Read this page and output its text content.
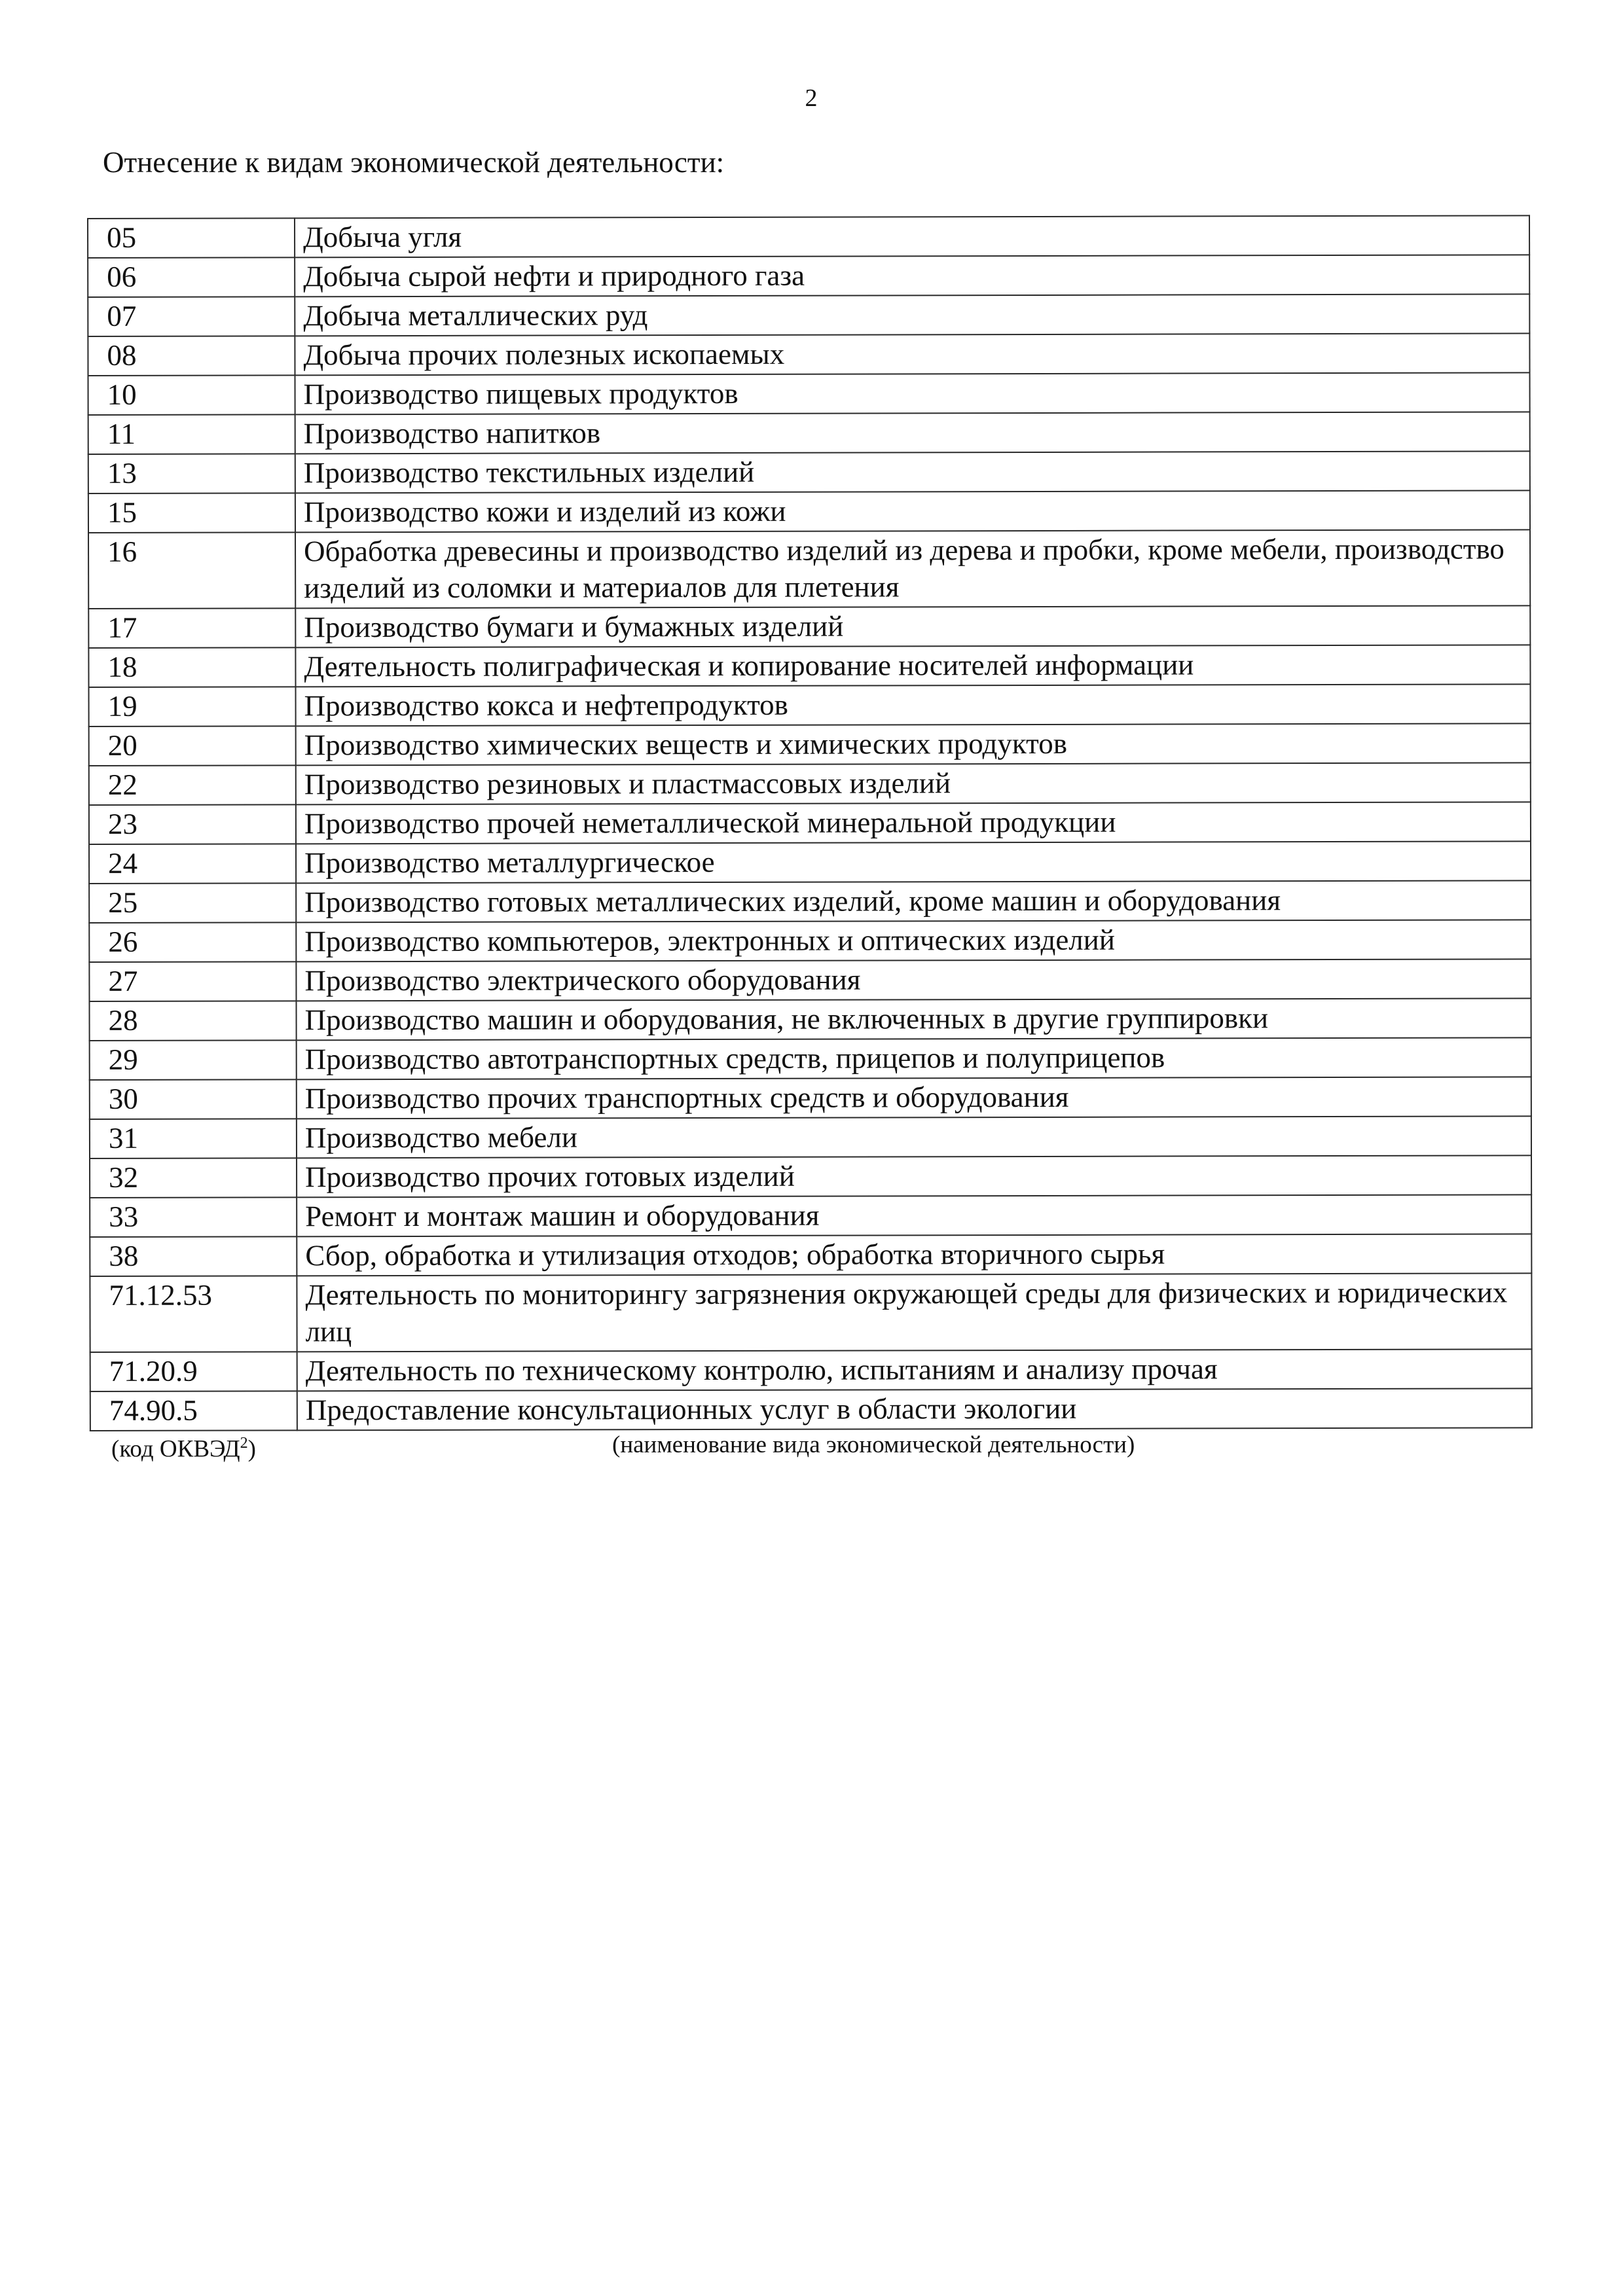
2
Отнесение к видам экономической деятельности:
05	Добыча угля
06	Добыча сырой нефти и природного газа
07	Добыча металлических руд
08	Добыча прочих полезных ископаемых
10	Производство пищевых продуктов
11	Производство напитков
13	Производство текстильных изделий
15	Производство кожи и изделий из кожи
16	Обработка древесины и производство изделий из дерева и пробки, кроме мебели, производство изделий из соломки и материалов для плетения
17	Производство бумаги и бумажных изделий
18	Деятельность полиграфическая и копирование носителей информации
19	Производство кокса и нефтепродуктов
20	Производство химических веществ и химических продуктов
22	Производство резиновых и пластмассовых изделий
23	Производство прочей неметаллической минеральной продукции
24	Производство металлургическое
25	Производство готовых металлических изделий, кроме машин и оборудования
26	Производство компьютеров, электронных и оптических изделий
27	Производство электрического оборудования
28	Производство машин и оборудования, не включенных в другие группировки
29	Производство автотранспортных средств, прицепов и полуприцепов
30	Производство прочих транспортных средств и оборудования
31	Производство мебели
32	Производство прочих готовых изделий
33	Ремонт и монтаж машин и оборудования
38	Сбор, обработка и утилизация отходов; обработка вторичного сырья
71.12.53	Деятельность по мониторингу загрязнения окружающей среды для физических и юридических лиц
71.20.9	Деятельность по техническому контролю, испытаниям и анализу прочая
74.90.5	Предоставление консультационных услуг в области экологии
(код ОКВЭД$^2$)	(наименование вида экономической деятельности)
